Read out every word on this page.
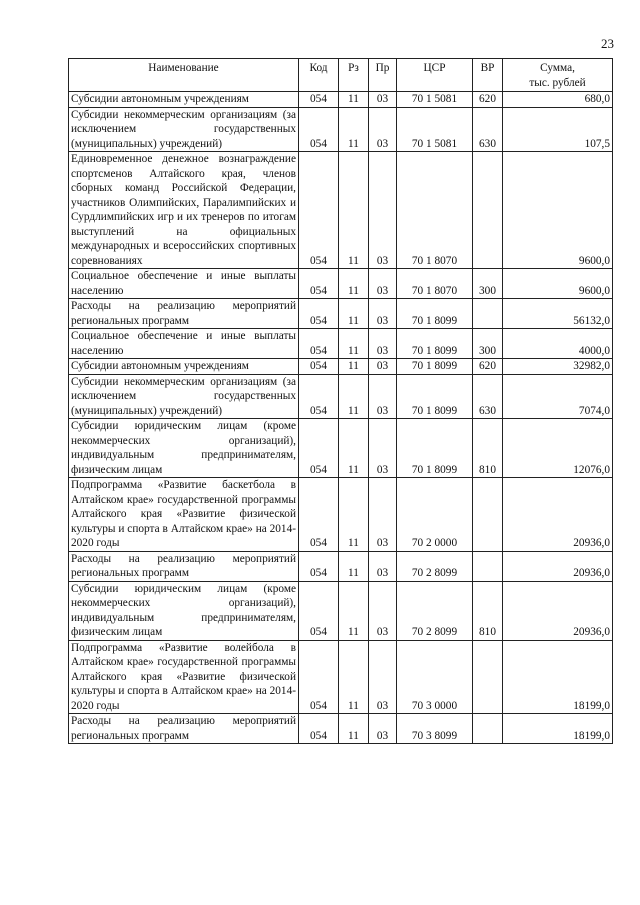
23
Наименование	Код	Рз	Пр	ЦСР	ВР	Сумма,
тыс. рублей
Субсидии автономным учреждениям	054	11	03	70 1 5081	620	680,0
Субсидии некоммерческим организациям (за исключением государственных (муниципальных) учреждений)	054	11	03	70 1 5081	630	107,5
Единовременное денежное вознаграждение спортсменов Алтайского края, членов сборных команд Российской Федерации, участников Олимпийских, Паралимпийских и Сурдлимпийских игр и их тренеров по итогам выступлений на официальных международных и всероссийских спортивных соревнованиях	054	11	03	70 1 8070		9600,0
Социальное обеспечение и иные выплаты населению	054	11	03	70 1 8070	300	9600,0
Расходы на реализацию мероприятий региональных программ	054	11	03	70 1 8099		56132,0
Социальное обеспечение и иные выплаты населению	054	11	03	70 1 8099	300	4000,0
Субсидии автономным учреждениям	054	11	03	70 1 8099	620	32982,0
Субсидии некоммерческим организациям (за исключением государственных (муниципальных) учреждений)	054	11	03	70 1 8099	630	7074,0
Субсидии юридическим лицам (кроме некоммерческих организаций), индивидуальным предпринимателям, физическим лицам	054	11	03	70 1 8099	810	12076,0
Подпрограмма «Развитие баскетбола в Алтайском крае» государственной программы Алтайского края «Развитие физической культуры и спорта в Алтайском крае» на 2014-2020 годы	054	11	03	70 2 0000		20936,0
Расходы на реализацию мероприятий региональных программ	054	11	03	70 2 8099		20936,0
Субсидии юридическим лицам (кроме некоммерческих организаций), индивидуальным предпринимателям, физическим лицам	054	11	03	70 2 8099	810	20936,0
Подпрограмма «Развитие волейбола в Алтайском крае» государственной программы Алтайского края «Развитие физической культуры и спорта в Алтайском крае» на 2014-2020 годы	054	11	03	70 3 0000		18199,0
Расходы на реализацию мероприятий региональных программ	054	11	03	70 3 8099		18199,0
